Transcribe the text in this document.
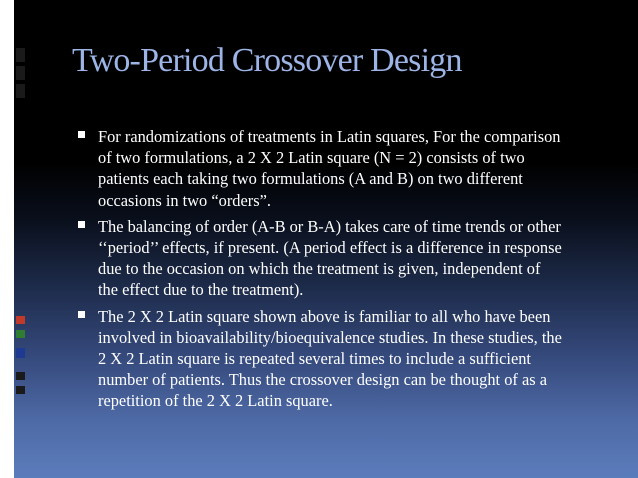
Two-Period Crossover Design
For randomizations of treatments in Latin squares, For the comparison
of two formulations, a 2 X 2 Latin square (N = 2) consists of two
patients each taking two formulations (A and B) on two different
occasions in two “orders”.
The balancing of order (A-B or B-A) takes care of time trends or other
‘‘period’’ effects, if present. (A period effect is a difference in response
due to the occasion on which the treatment is given, independent of
the effect due to the treatment).
The 2 X 2 Latin square shown above is familiar to all who have been
involved in bioavailability/bioequivalence studies. In these studies, the
2 X 2 Latin square is repeated several times to include a sufficient
number of patients. Thus the crossover design can be thought of as a
repetition of the 2 X 2 Latin square.
